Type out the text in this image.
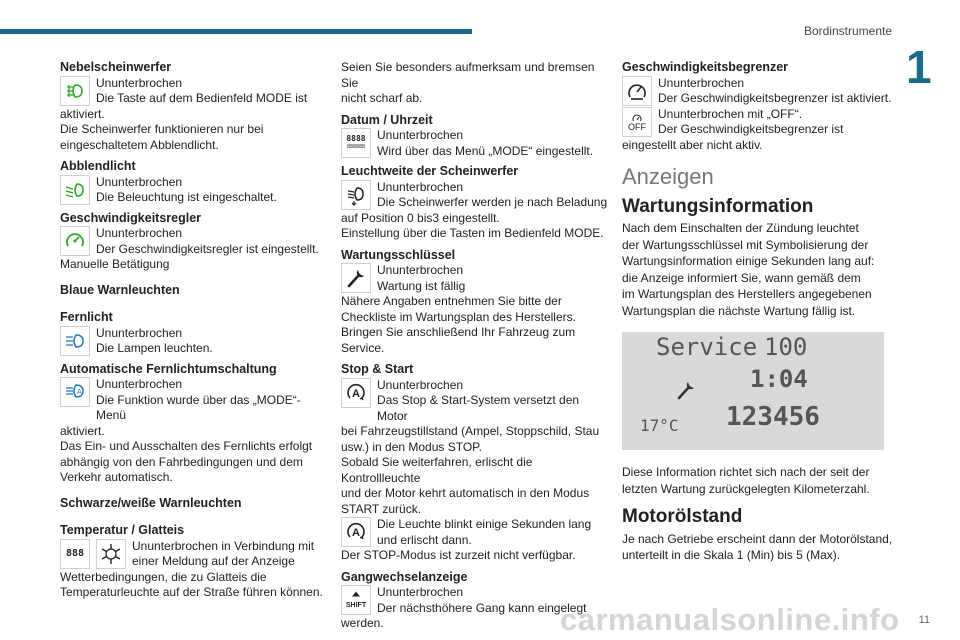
Bordinstrumente
1

Nebelscheinwerfer

Ununterbrochen

Die Taste auf dem Bedienfeld MODE ist

aktiviert.

Die Scheinwerfer funktionieren nur bei

eingeschaltetem Abblendlicht.

Abblendlicht

Ununterbrochen

Die Beleuchtung ist eingeschaltet.

Geschwindigkeitsregler

Ununterbrochen

Der Geschwindigkeitsregler ist eingestellt.

Manuelle Betätigung

Blaue Warnleuchten

Fernlicht

Ununterbrochen

Die Lampen leuchten.

Automatische Fernlichtumschaltung

A

Ununterbrochen

Die Funktion wurde über das „MODE“-Menü

aktiviert.

Das Ein- und Ausschalten des Fernlichts erfolgt

abhängig von den Fahrbedingungen und dem

Verkehr automatisch.

Schwarze/weiße Warnleuchten

Temperatur / Glatteis

888

Ununterbrochen in Verbindung mit

einer Meldung auf der Anzeige

Wetterbedingungen, die zu Glatteis die

Temperaturleuchte auf der Straße führen können.

Seien Sie besonders aufmerksam und bremsen Sie

nicht scharf ab.

Datum / Uhrzeit

8888
888888

Ununterbrochen

Wird über das Menü „MODE“ eingestellt.

Leuchtweite der Scheinwerfer

Ununterbrochen

Die Scheinwerfer werden je nach Beladung

auf Position 0 bis3 eingestellt.

Einstellung über die Tasten im Bedienfeld MODE.

Wartungsschlüssel

Ununterbrochen

Wartung ist fällig

Nähere Angaben entnehmen Sie bitte der

Checkliste im Wartungsplan des Herstellers.

Bringen Sie anschließend Ihr Fahrzeug zum

Service.

Stop & Start

A

Ununterbrochen

Das Stop & Start-System versetzt den Motor

bei Fahrzeugstillstand (Ampel, Stoppschild, Stau

usw.) in den Modus STOP.

Sobald Sie weiterfahren, erlischt die Kontrollleuchte

und der Motor kehrt automatisch in den Modus

START zurück.

A

Die Leuchte blinkt einige Sekunden lang

und erlischt dann.

Der STOP-Modus ist zurzeit nicht verfügbar.

Gangwechselanzeige

SHIFT

Ununterbrochen

Der nächsthöhere Gang kann eingelegt

werden.

Geschwindigkeitsbegrenzer

Ununterbrochen

Der Geschwindigkeitsbegrenzer ist aktiviert.

OFF

Ununterbrochen mit „OFF“.

Der Geschwindigkeitsbegrenzer ist

eingestellt aber nicht aktiv.

Anzeigen

Wartungsinformation

Nach dem Einschalten der Zündung leuchtet

der Wartungsschlüssel mit Symbolisierung der

Wartungsinformation einige Sekunden lang auf:

die Anzeige informiert Sie, wann gemäß dem

im Wartungsplan des Herstellers angegebenen

Wartungsplan die nächste Wartung fällig ist.

Service 100
1:04
17°C 123456

Diese Information richtet sich nach der seit der

letzten Wartung zurückgelegten Kilometerzahl.

Motorölstand

Je nach Getriebe erscheint dann der Motorölstand,

unterteilt in die Skala 1 (Min) bis 5 (Max).

carmanualsonline.info 11
